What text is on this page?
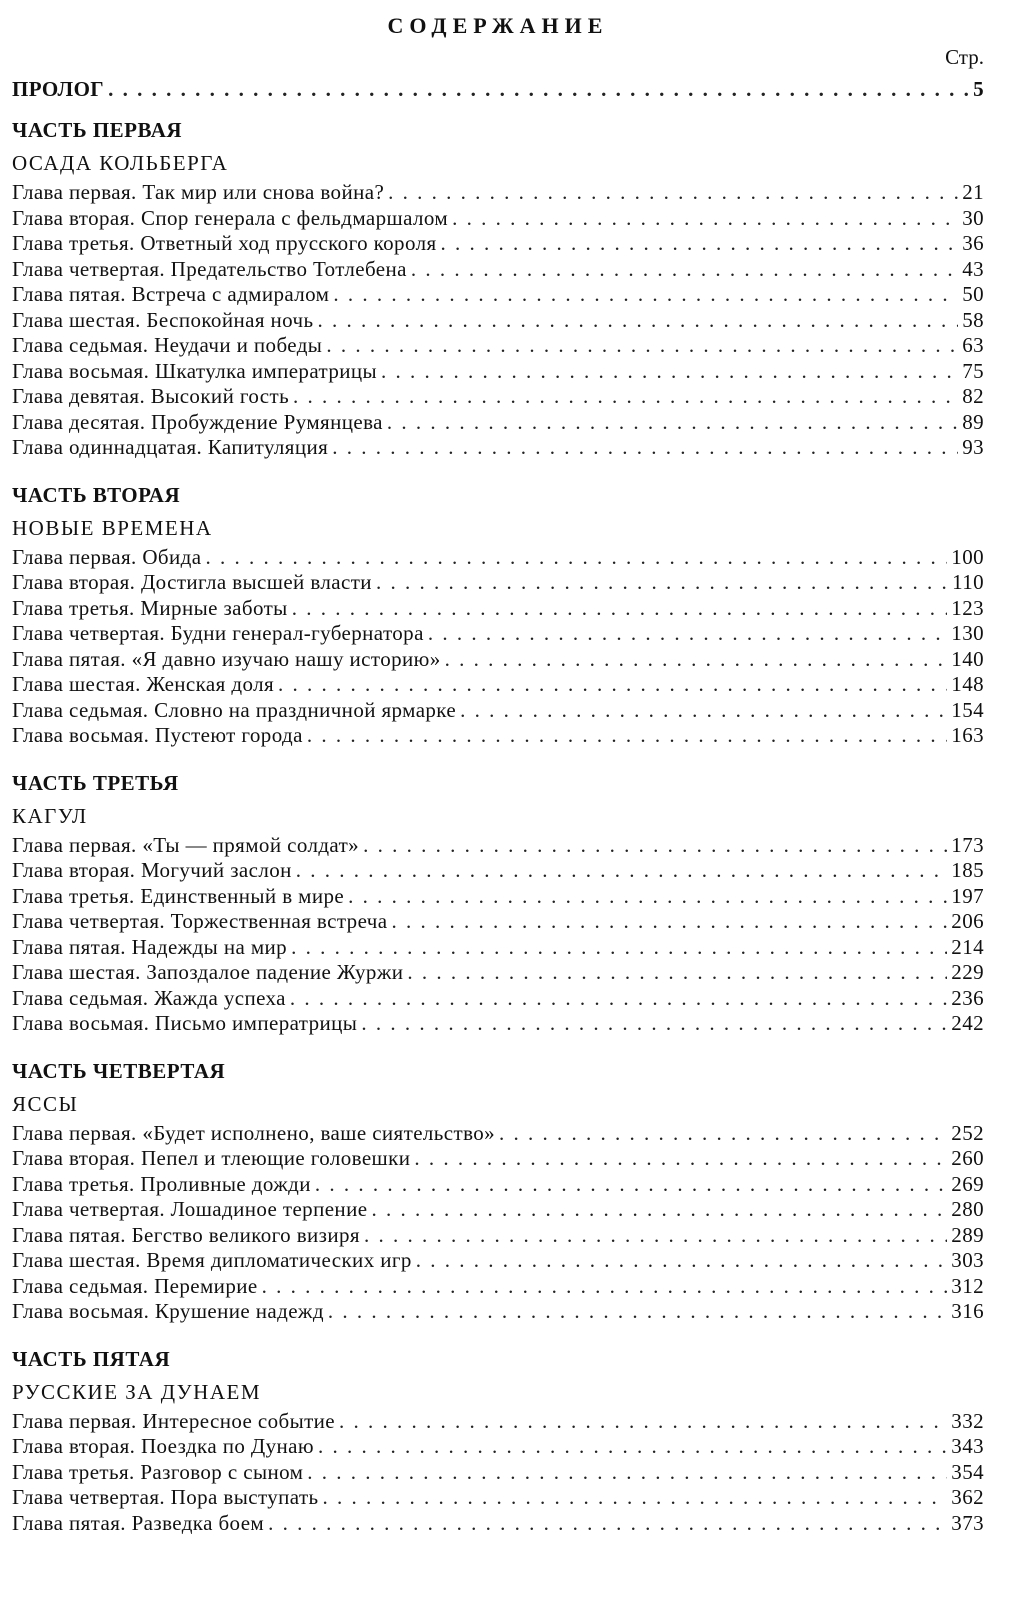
СОДЕРЖАНИЕ
Стр.
ПРОЛОГ . . .	5
ЧАСТЬ ПЕРВАЯ
ОСАДА КОЛЬБЕРГА
Глава первая. Так мир или снова война? . . .	21
Глава вторая. Спор генерала с фельдмаршалом . . .	30
Глава третья. Ответный ход прусского короля . . .	36
Глава четвертая. Предательство Тотлебена . . .	43
Глава пятая. Встреча с адмиралом . . .	50
Глава шестая. Беспокойная ночь . . .	58
Глава седьмая. Неудачи и победы . . .	63
Глава восьмая. Шкатулка императрицы . . .	75
Глава девятая. Высокий гость . . .	82
Глава десятая. Пробуждение Румянцева . . .	89
Глава одиннадцатая. Капитуляция . . .	93
ЧАСТЬ ВТОРАЯ
НОВЫЕ ВРЕМЕНА
Глава первая. Обида . . .	100
Глава вторая. Достигла высшей власти . . .	110
Глава третья. Мирные заботы . . .	123
Глава четвертая. Будни генерал-губернатора . . .	130
Глава пятая. «Я давно изучаю нашу историю» . . .	140
Глава шестая. Женская доля . . .	148
Глава седьмая. Словно на праздничной ярмарке . . .	154
Глава восьмая. Пустеют города . . .	163
ЧАСТЬ ТРЕТЬЯ
КАГУЛ
Глава первая. «Ты — прямой солдат» . . .	173
Глава вторая. Могучий заслон . . .	185
Глава третья. Единственный в мире . . .	197
Глава четвертая. Торжественная встреча . . .	206
Глава пятая. Надежды на мир . . .	214
Глава шестая. Запоздалое падение Журжи . . .	229
Глава седьмая. Жажда успеха . . .	236
Глава восьмая. Письмо императрицы . . .	242
ЧАСТЬ ЧЕТВЕРТАЯ
ЯССЫ
Глава первая. «Будет исполнено, ваше сиятельство» . . .	252
Глава вторая. Пепел и тлеющие головешки . . .	260
Глава третья. Проливные дожди . . .	269
Глава четвертая. Лошадиное терпение . . .	280
Глава пятая. Бегство великого визиря . . .	289
Глава шестая. Время дипломатических игр . . .	303
Глава седьмая. Перемирие . . .	312
Глава восьмая. Крушение надежд . . .	316
ЧАСТЬ ПЯТАЯ
РУССКИЕ ЗА ДУНАЕМ
Глава первая. Интересное событие . . .	332
Глава вторая. Поездка по Дунаю . . .	343
Глава третья. Разговор с сыном . . .	354
Глава четвертая. Пора выступать . . .	362
Глава пятая. Разведка боем . . .	373
